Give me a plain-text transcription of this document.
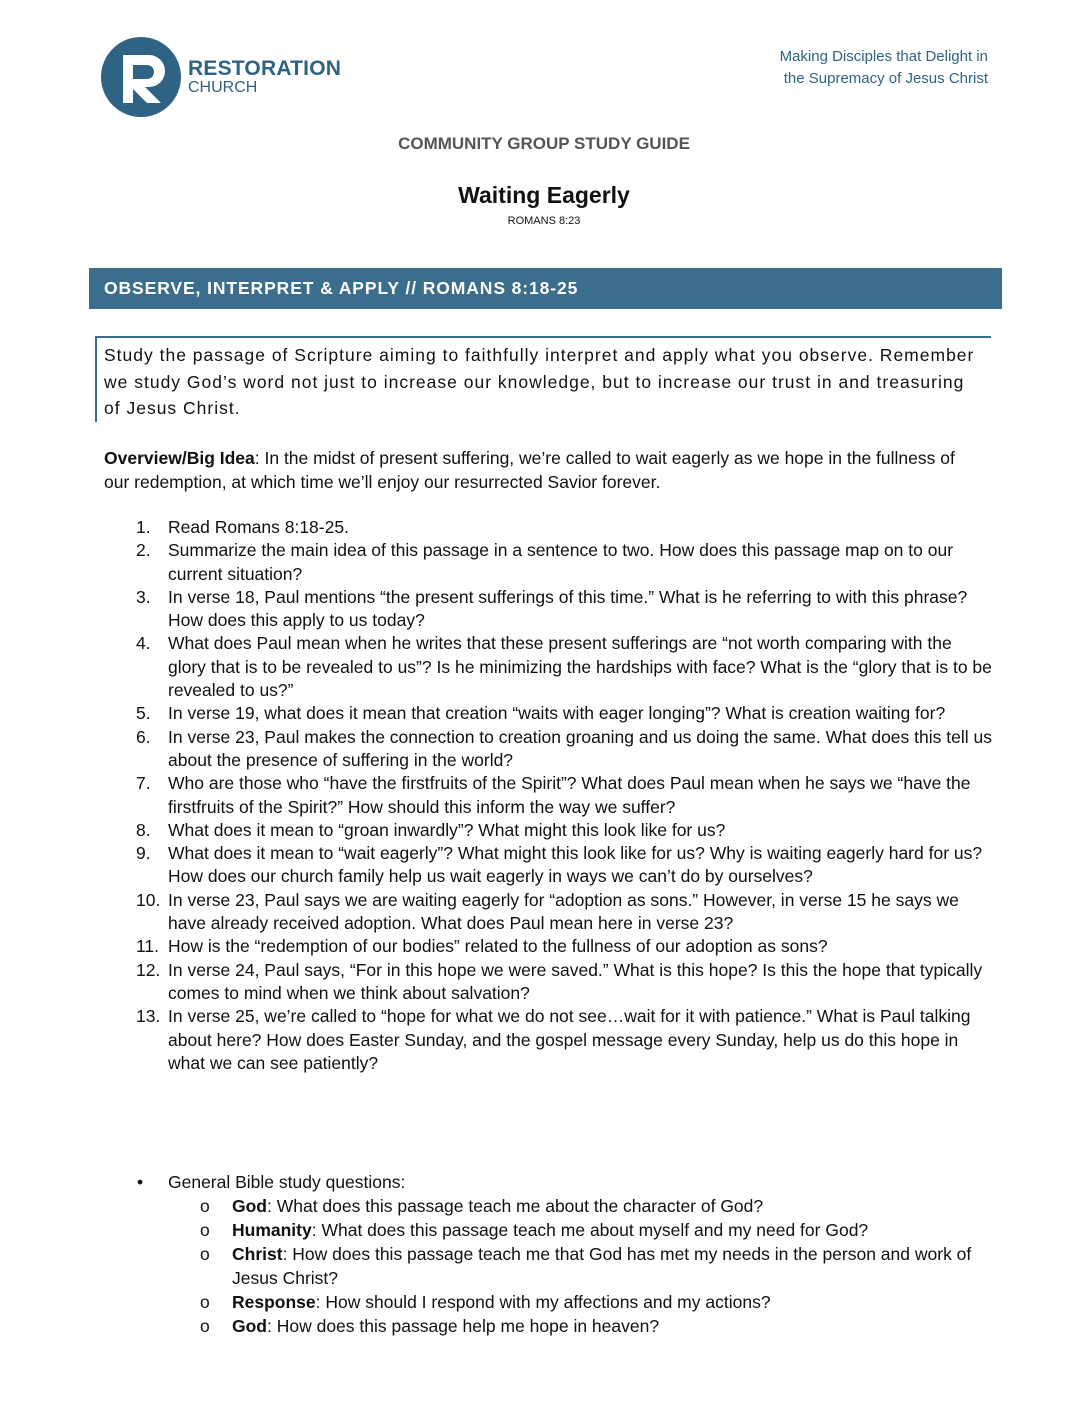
RESTORATION
CHURCH
Making Disciples that Delight in
the Supremacy of Jesus Christ
COMMUNITY GROUP STUDY GUIDE
Waiting Eagerly
ROMANS 8:23
OBSERVE, INTERPRET & APPLY // ROMANS 8:18-25
Study the passage of Scripture aiming to faithfully interpret and apply what you observe. Remember we study God’s word not just to increase our knowledge, but to increase our trust in and treasuring of Jesus Christ.
Overview/Big Idea: In the midst of present suffering, we’re called to wait eagerly as we hope in the fullness of our redemption, at which time we’ll enjoy our resurrected Savior forever.
1. Read Romans 8:18-25.
2. Summarize the main idea of this passage in a sentence to two. How does this passage map on to our current situation?
3. In verse 18, Paul mentions “the present sufferings of this time.” What is he referring to with this phrase? How does this apply to us today?
4. What does Paul mean when he writes that these present sufferings are “not worth comparing with the glory that is to be revealed to us”? Is he minimizing the hardships with face? What is the “glory that is to be revealed to us?”
5. In verse 19, what does it mean that creation “waits with eager longing”? What is creation waiting for?
6. In verse 23, Paul makes the connection to creation groaning and us doing the same. What does this tell us about the presence of suffering in the world?
7. Who are those who “have the firstfruits of the Spirit”? What does Paul mean when he says we “have the firstfruits of the Spirit?” How should this inform the way we suffer?
8. What does it mean to “groan inwardly”? What might this look like for us?
9. What does it mean to “wait eagerly”? What might this look like for us? Why is waiting eagerly hard for us? How does our church family help us wait eagerly in ways we can’t do by ourselves?
10. In verse 23, Paul says we are waiting eagerly for “adoption as sons.” However, in verse 15 he says we have already received adoption. What does Paul mean here in verse 23?
11. How is the “redemption of our bodies” related to the fullness of our adoption as sons?
12. In verse 24, Paul says, “For in this hope we were saved.” What is this hope? Is this the hope that typically comes to mind when we think about salvation?
13. In verse 25, we’re called to “hope for what we do not see…wait for it with patience.” What is Paul talking about here? How does Easter Sunday, and the gospel message every Sunday, help us do this hope in what we can see patiently?
•	General Bible study questions:
o	God: What does this passage teach me about the character of God?
o	Humanity: What does this passage teach me about myself and my need for God?
o	Christ: How does this passage teach me that God has met my needs in the person and work of Jesus Christ?
o	Response: How should I respond with my affections and my actions?
o	God: How does this passage help me hope in heaven?
